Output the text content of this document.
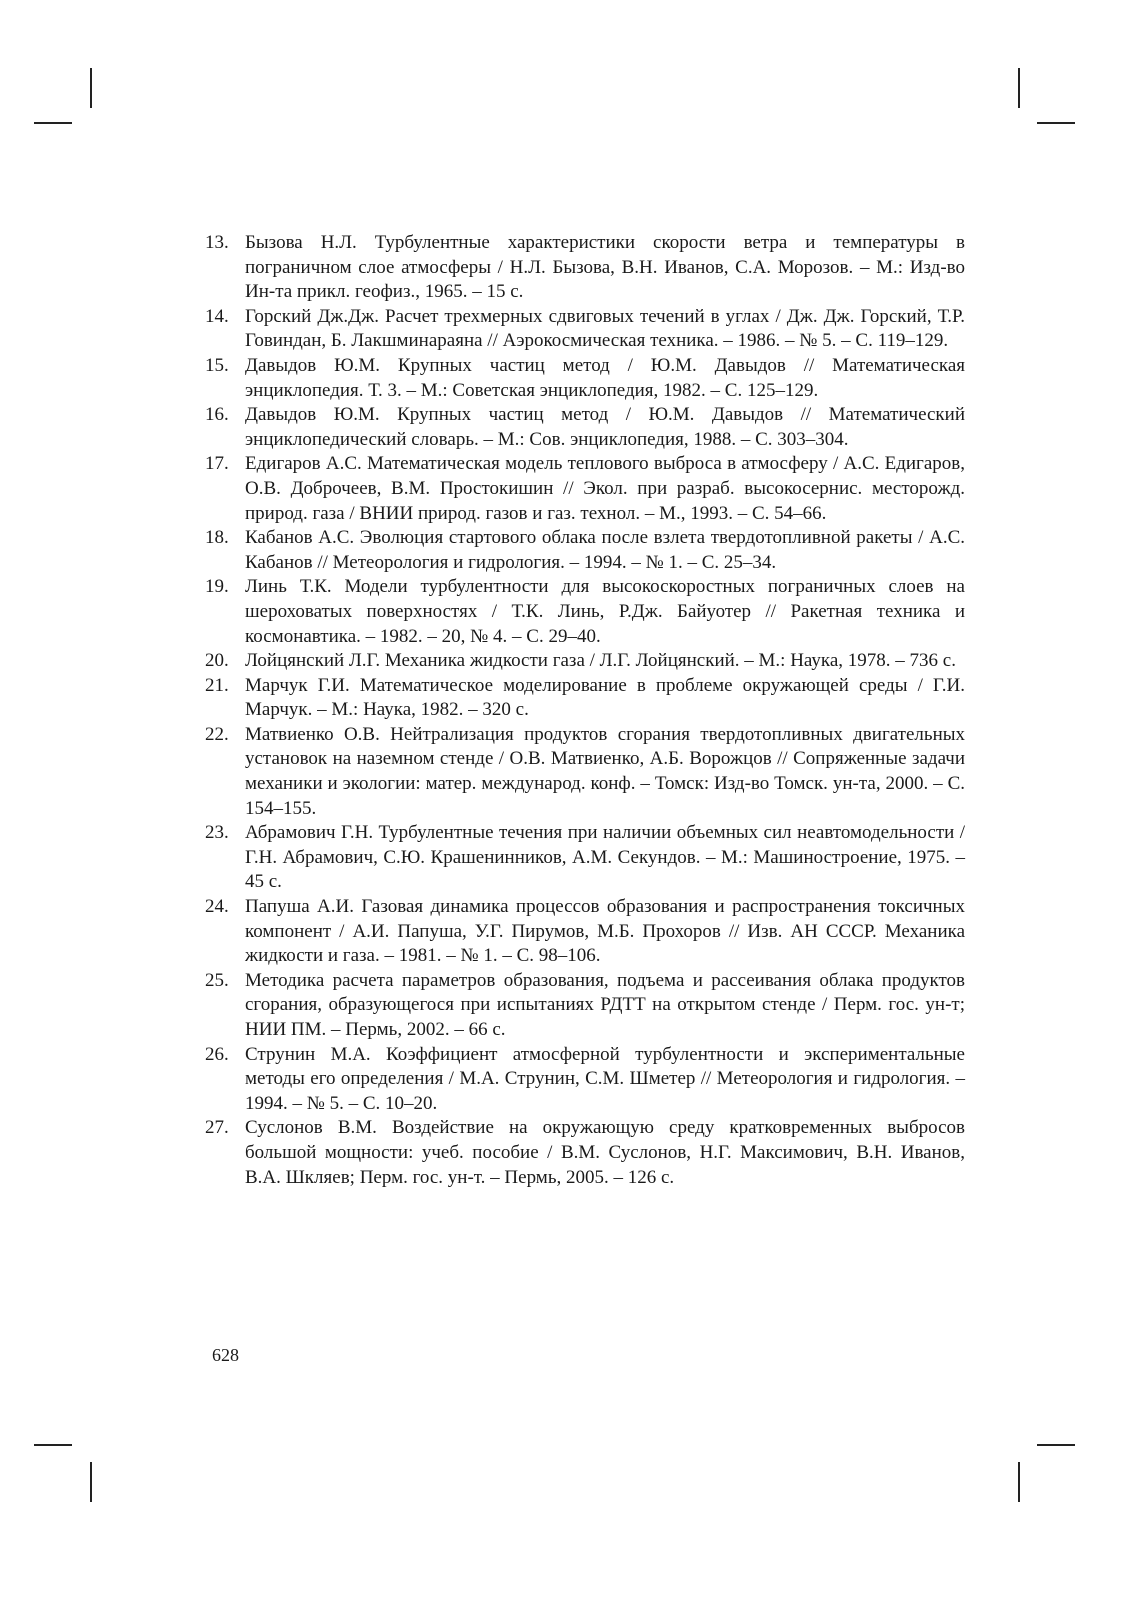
13. Бызова Н.Л. Турбулентные характеристики скорости ветра и температуры в пограничном слое атмосферы / Н.Л. Бызова, В.Н. Иванов, С.А. Морозов. – М.: Изд-во Ин-та прикл. геофиз., 1965. – 15 с.
14. Горский Дж.Дж. Расчет трехмерных сдвиговых течений в углах / Дж. Дж. Горский, Т.Р. Говиндан, Б. Лакшминараяна // Аэрокосмическая техника. – 1986. – № 5. – С. 119–129.
15. Давыдов Ю.М. Крупных частиц метод / Ю.М. Давыдов // Математическая энциклопедия. Т. 3. – М.: Советская энциклопедия, 1982. – С. 125–129.
16. Давыдов Ю.М. Крупных частиц метод / Ю.М. Давыдов // Математический энциклопедический словарь. – М.: Сов. энциклопедия, 1988. – С. 303–304.
17. Едигаров А.С. Математическая модель теплового выброса в атмосферу / А.С. Едигаров, О.В. Доброчеев, В.М. Простокишин // Экол. при разраб. высокосернис. месторожд. природ. газа / ВНИИ природ. газов и газ. технол. – М., 1993. – С. 54–66.
18. Кабанов А.С. Эволюция стартового облака после взлета твердотопливной ракеты / А.С. Кабанов // Метеорология и гидрология. – 1994. – № 1. – С. 25–34.
19. Линь Т.К. Модели турбулентности для высокоскоростных пограничных слоев на шероховатых поверхностях / Т.К. Линь, Р.Дж. Байуотер // Ракетная техника и космонавтика. – 1982. – 20, № 4. – С. 29–40.
20. Лойцянский Л.Г. Механика жидкости газа / Л.Г. Лойцянский. – М.: Наука, 1978. – 736 с.
21. Марчук Г.И. Математическое моделирование в проблеме окружающей среды / Г.И. Марчук. – М.: Наука, 1982. – 320 с.
22. Матвиенко О.В. Нейтрализация продуктов сгорания твердотопливных двигательных установок на наземном стенде / О.В. Матвиенко, А.Б. Ворожцов // Сопряженные задачи механики и экологии: матер. международ. конф. – Томск: Изд-во Томск. ун-та, 2000. – С. 154–155.
23. Абрамович Г.Н. Турбулентные течения при наличии объемных сил неавтомодельности / Г.Н. Абрамович, С.Ю. Крашенинников, А.М. Секундов. – М.: Машиностроение, 1975. – 45 с.
24. Папуша А.И. Газовая динамика процессов образования и распространения токсичных компонент / А.И. Папуша, У.Г. Пирумов, М.Б. Прохоров // Изв. АН СССР. Механика жидкости и газа. – 1981. – № 1. – С. 98–106.
25. Методика расчета параметров образования, подъема и рассеивания облака продуктов сгорания, образующегося при испытаниях РДТТ на открытом стенде / Перм. гос. ун-т; НИИ ПМ. – Пермь, 2002. – 66 с.
26. Струнин М.А. Коэффициент атмосферной турбулентности и экспериментальные методы его определения / М.А. Струнин, С.М. Шметер // Метеорология и гидрология. – 1994. – № 5. – С. 10–20.
27. Суслонов В.М. Воздействие на окружающую среду кратковременных выбросов большой мощности: учеб. пособие / В.М. Суслонов, Н.Г. Максимович, В.Н. Иванов, В.А. Шкляев; Перм. гос. ун-т. – Пермь, 2005. – 126 с.
628
